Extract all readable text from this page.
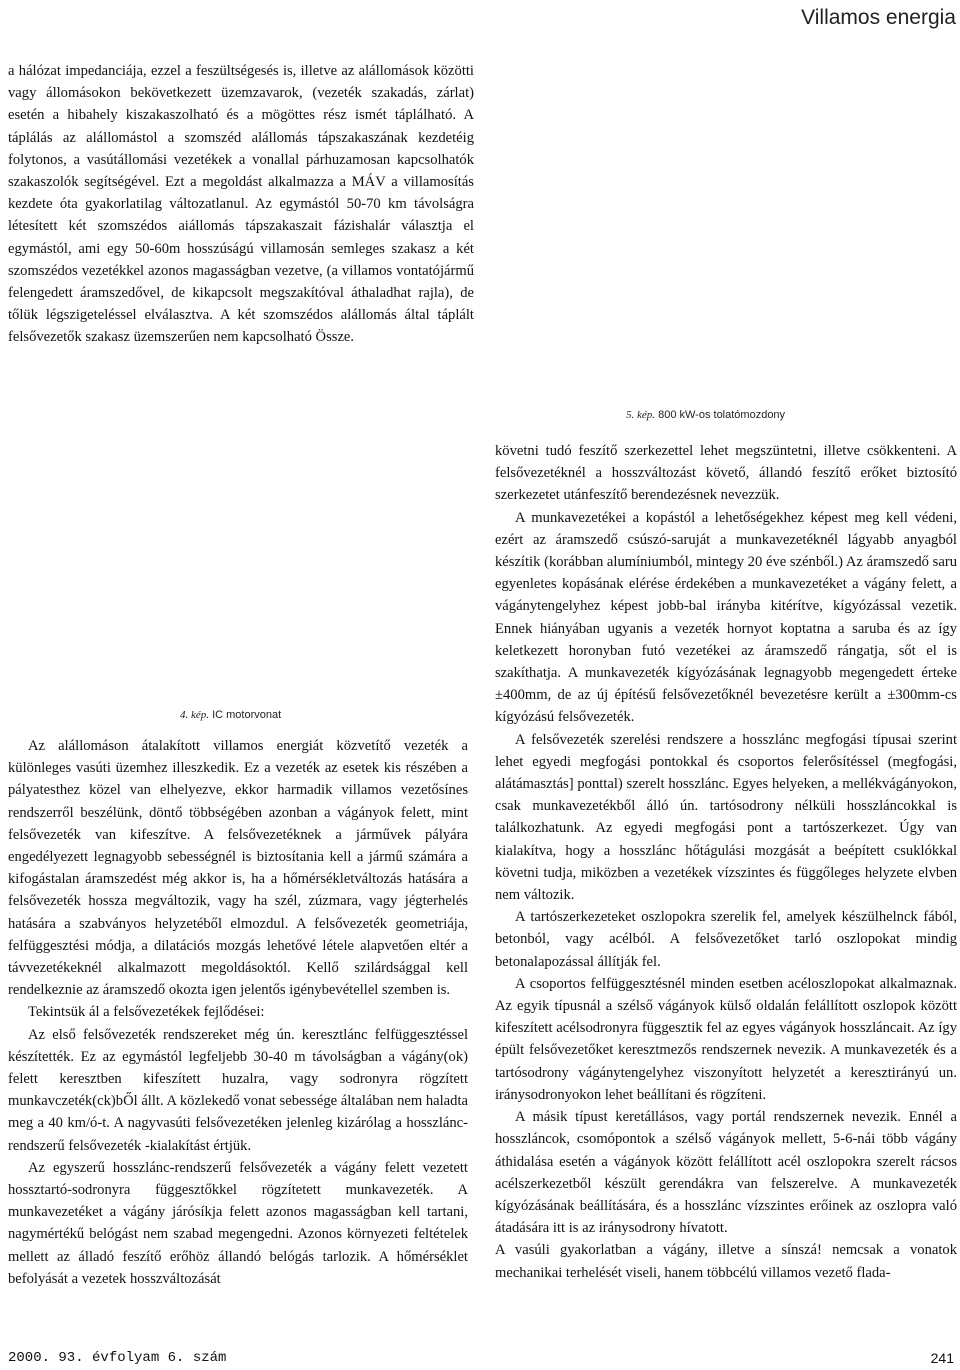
Villamos energia

a hálózat impedanciája, ezzel a feszültségesés is, illetve az alállomások közötti vagy állomásokon bekövetkezett üzemzavarok, (vezeték szakadás, zárlat) esetén a hibahely kiszakaszolható és a mögöttes rész ismét táplálható. A táplálás az alállomástol a szomszéd alállomás tápszakaszának kezdetéig folytonos, a vasútállomási vezetékek a vonallal párhuzamosan kapcsolhatók szakaszolók segítségével. Ezt a megoldást alkalmazza a MÁV a villamosítás kezdete óta gyakorlatilag változatlanul. Az egymástól 50-70 km távolságra létesített két szomszédos aiállomás tápszakaszait fázishalár választja el egymástól, ami egy 50-60m hosszúságú villamosán semleges szakasz a két szomszédos vezetékkel azonos magasságban vezetve, (a villamos vontatójármű felengedett áramszedővel, de kikapcsolt megszakítóval áthaladhat rajla), de tőlük légszigeteléssel elválasztva. A két szomszédos alállomás által táplált felsővezetők szakasz üzemszerűen nem kapcsolható Össze.

5. kép. 800 kW-os tolatómozdony
4. kép. IC motorvonat

Az alállomáson átalakított villamos energiát közvetítő vezeték a különleges vasúti üzemhez illeszkedik. Ez a vezeték az esetek kis részében a pályatesthez közel van elhelyezve, ekkor harmadik villamos vezetősínes rendszerről beszélünk, döntő többségében azonban a vágányok felett, mint felsővezeték van kifeszítve. A felsővezetéknek a járművek pályára engedélyezett legnagyobb sebességnél is biztosítania kell a jármű számára a kifogástalan áramszedést még akkor is, ha a hőmérsékletváltozás hatására a felsővezeték hossza megváltozik, vagy ha szél, zúzmara, vagy jégterhelés hatására a szabványos helyzetéből elmozdul. A felsővezeték geometriája, felfüggesztési módja, a dilatációs mozgás lehetővé létele alapvetően eltér a távvezetékeknél alkalmazott megoldásoktól. Kellő szilárdsággal kell rendelkeznie az áramszedő okozta igen jelentős igénybevétellel szemben is.

Tekintsük ál a felsővezetékek fejlődései:

Az első felsővezeték rendszereket még ún. keresztlánc felfüggesztéssel készítették. Ez az egymástól legfeljebb 30-40 m távolságban a vágány(ok) felett keresztben kifeszített huzalra, vagy sodronyra rögzített munkavczeték(ck)bŐl állt. A közlekedő vonat sebessége általában nem haladta meg a 40 km/ó-t. A nagyvasúti felsővezetéken jelenleg kizárólag a hosszlánc-rendszerű felsővezeték -kialakítást értjük.

Az egyszerű hosszlánc-rendszerű felsővezeték a vágány felett vezetett hossztartó-sodronyra függesztőkkel rögzítetett munkavezeték. A munkavezetéket a vágány járósíkja felett azonos magasságban kell tartani, nagymértékű belógást nem szabad megengedni. Azonos környezeti feltételek mellett az álladó feszítő erőhöz állandó belógás tarlozik. A hőmérséklet befolyását a vezetek hosszváltozását

követni tudó feszítő szerkezettel lehet megszüntetni, illetve csökkenteni. A felsővezetéknél a hosszváltozást követő, állandó feszítő erőket biztosító szerkezetet utánfeszítő berendezésnek nevezzük.

A munkavezetékei a kopástól a lehetőségekhez képest meg kell védeni, ezért az áramszedő csúszó-saruját a munkavezetéknél lágyabb anyagból készítik (korábban alumíniumból, mintegy 20 éve szénből.) Az áramszedő saru egyenletes kopásának elérése érdekében a munkavezetéket a vágány felett, a vágánytengelyhez képest jobb-bal irányba kitérítve, kígyózással vezetik. Ennek hiányában ugyanis a vezeték hornyot koptatna a saruba és az így keletkezett horonyban futó vezetékei az áramszedő rángatja, sőt el is szakíthatja. A munkavezeték kígyózásának legnagyobb megengedett érteke ±400mm, de az új építésű felsővezetőknél bevezetésre került a ±300mm-cs kígyózású felsővezeték.

A felsővezeték szerelési rendszere a hosszlánc megfogási típusai szerint lehet egyedi megfogási pontokkal és csoportos felerősítéssel (megfogási, alátámasztás] ponttal) szerelt hosszlánc. Egyes helyeken, a mellékvágányokon, csak munkavezetékből álló ún. tartósodrony nélküli hosszláncokkal is találkozhatunk. Az egyedi megfogási pont a tartószerkezet. Úgy van kialakítva, hogy a hosszlánc hőtágulási mozgását a beépített csuklókkal követni tudja, miközben a vezetékek vízszintes és függőleges helyzete elvben nem változik.

A tartószerkezeteket oszlopokra szerelik fel, amelyek készülhelnck fából, betonból, vagy acélból. A felsővezetőket tarló oszlopokat mindig betonalapozással állítják fel.

A csoportos felfüggesztésnél minden esetben acéloszlopokat alkalmaznak. Az egyik típusnál a szélső vágányok külső oldalán felállított oszlopok között kifeszített acélsodronyra függesztik fel az egyes vágányok hosszláncait. Az így épült felsővezetőket keresztmezős rendszernek nevezik. A munkavezeték és a tartósodrony vágánytengelyhez viszonyított helyzetét a keresztirányú un. iránysodronyokon lehet beállítani és rögzíteni.

A másik típust keretállásos, vagy portál rendszernek nevezik. Ennél a hosszláncok, csomópontok a szélső vágányok mellett, 5-6-nái több vágány áthidalása esetén a vágányok között felállított acél oszlopokra szerelt rácsos acélszerkezetből készült gerendákra van felszerelve. A munkavezeték kígyózásának beállítására, és a hosszlánc vízszintes erőinek az oszlopra való átadására itt is az iránysodrony hívatott.

A vasúli gyakorlatban a vágány, illetve a sínszá! nemcsak a vonatok mechanikai terhelését viseli, hanem többcélú villamos vezető flada-

2000. 93. évfolyam 6. szám	241
